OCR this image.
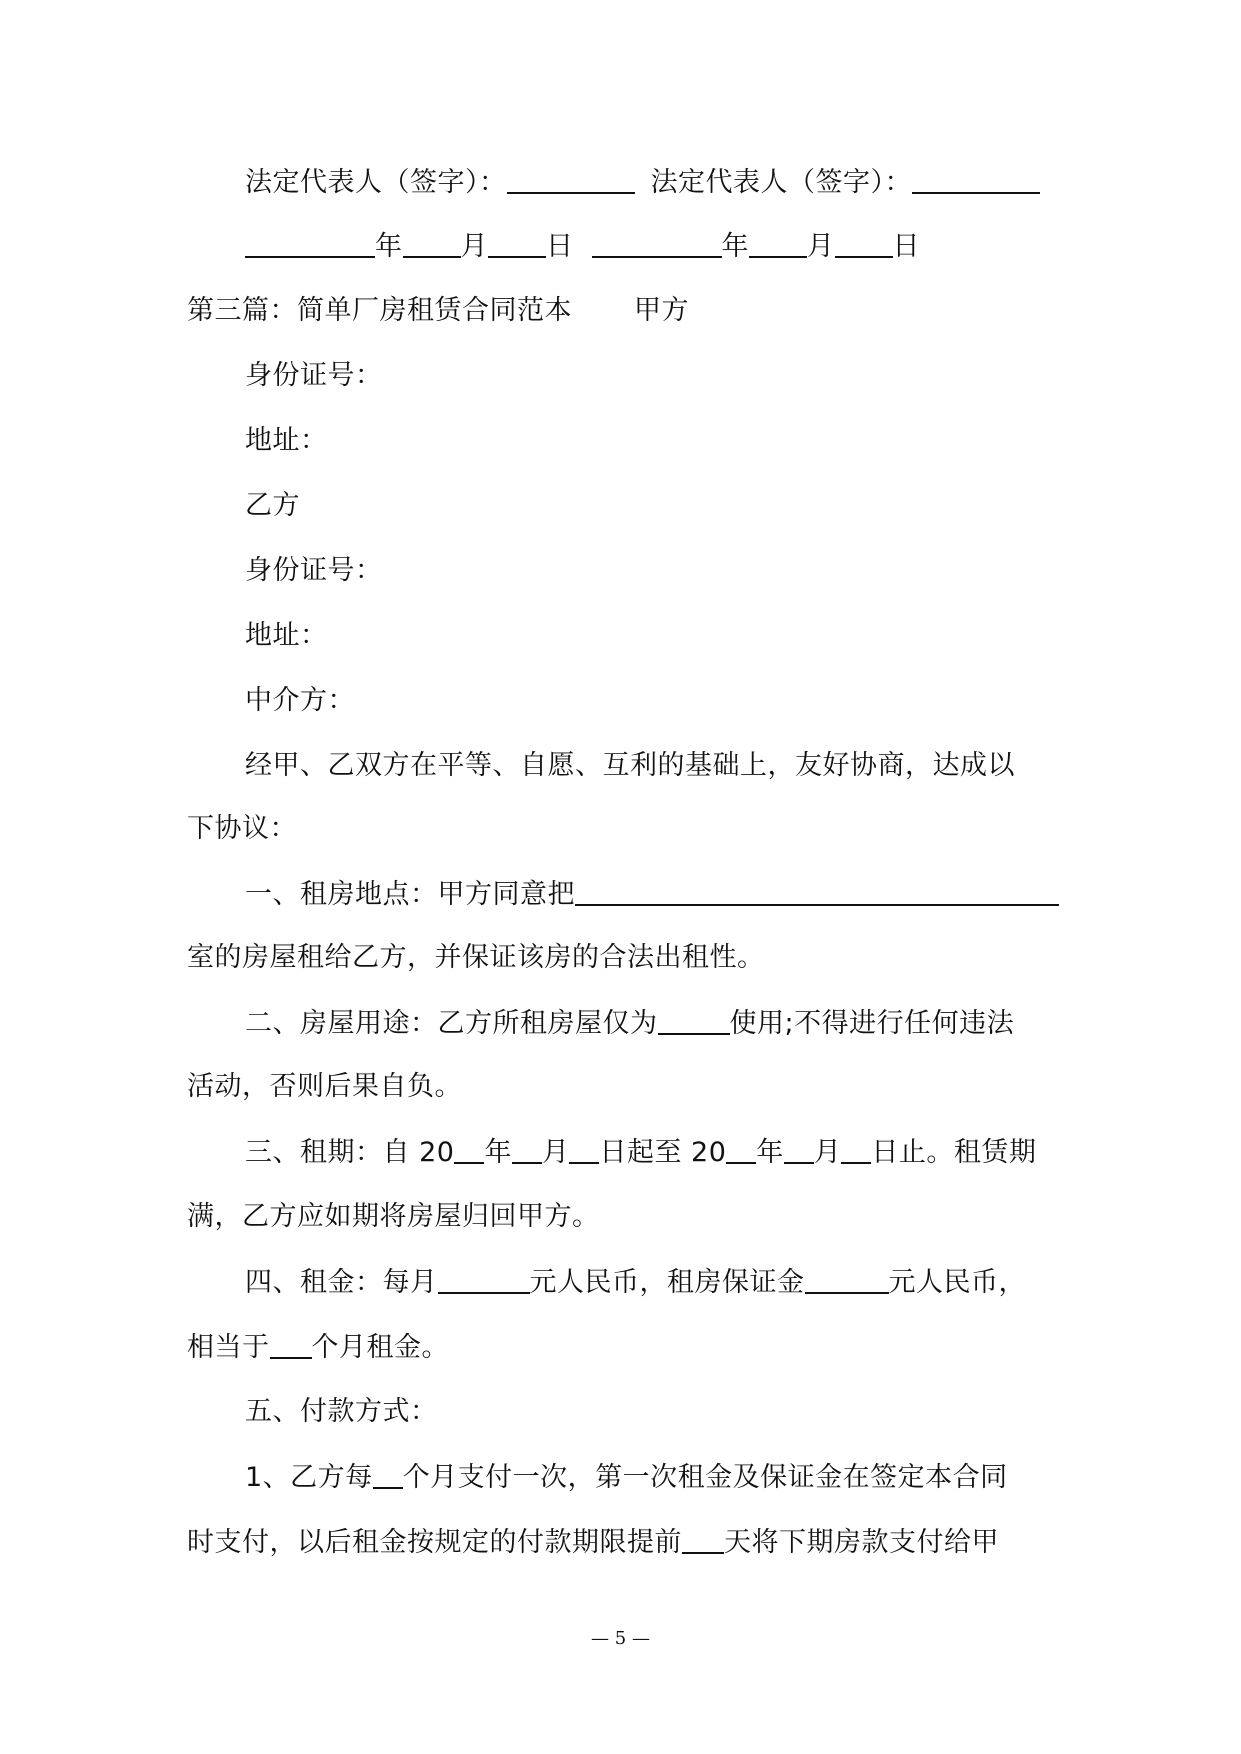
法定代表人（签字）：	法定代表人（签字）：
年 月 日	年 月 日
第三篇：简单厂房租赁合同范本 甲方
身份证号：
地址：
乙方
身份证号：
地址：
中介方：
经甲、乙双方在平等、自愿、互利的基础上，友好协商，达成以
下协议：
一、租房地点：甲方同意把
室的房屋租给乙方，并保证该房的合法出租性。
二、房屋用途：乙方所租房屋仅为	使用;不得进行任何违法
活动，否则后果自负。
三、租期：自 20 年 月 日起至 20 年 月 日止。租赁期
满，乙方应如期将房屋归回甲方。
四、租金：每月	元人民币，租房保证金	元人民币，
相当于 个月租金。
五、付款方式：
1、乙方每 个月支付一次，第一次租金及保证金在签定本合同
时支付，以后租金按规定的付款期限提前 天将下期房款支付给甲
— 5 —
